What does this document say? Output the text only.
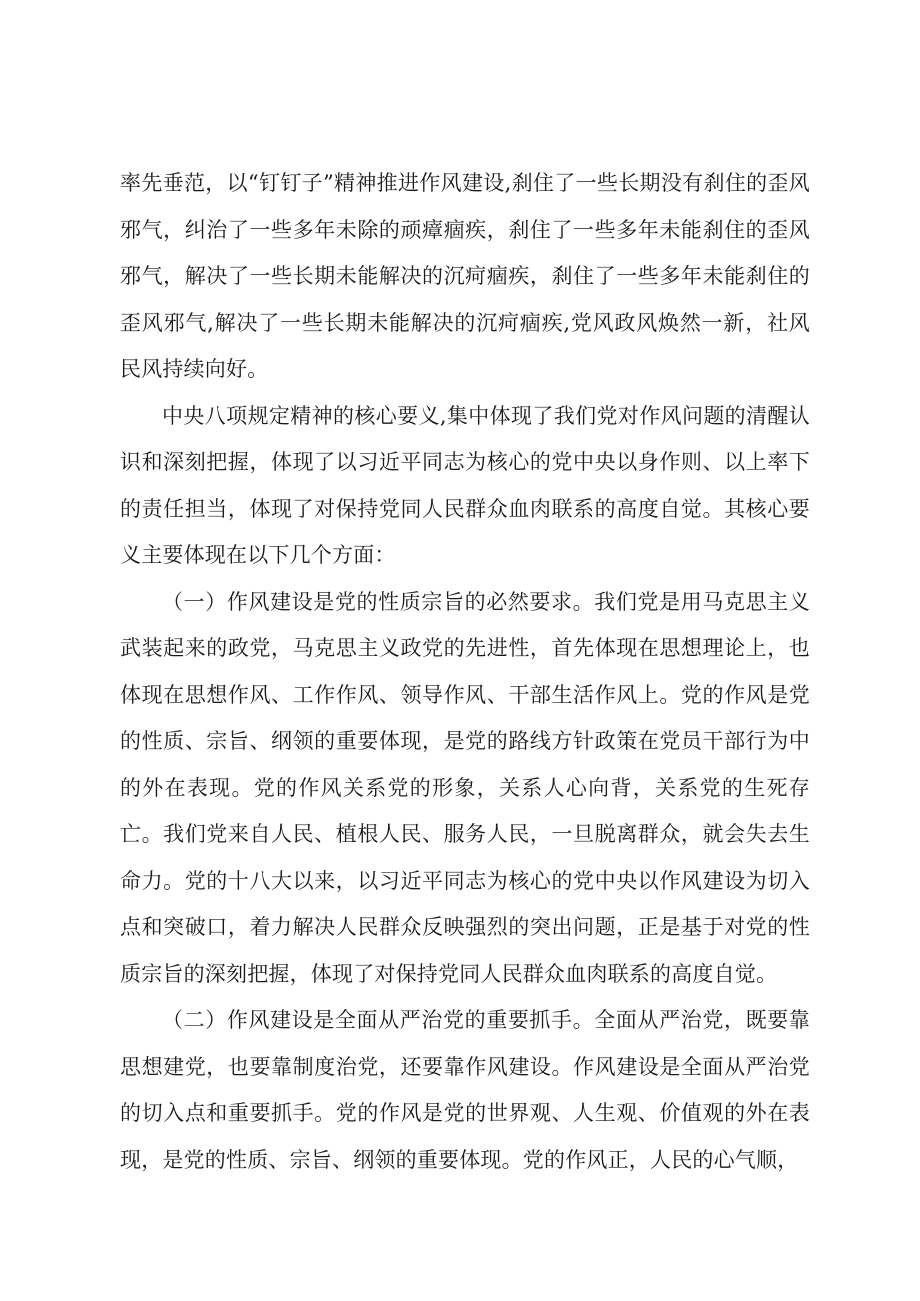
率先垂范，以“钉钉子”精神推进作风建设,刹住了一些长期没有刹住的歪风邪气，纠治了一些多年未除的顽瘴痼疾，刹住了一些多年未能刹住的歪风邪气，解决了一些长期未能解决的沉疴痼疾，刹住了一些多年未能刹住的歪风邪气,解决了一些长期未能解决的沉疴痼疾,党风政风焕然一新，社风民风持续向好。

中央八项规定精神的核心要义,集中体现了我们党对作风问题的清醒认识和深刻把握，体现了以习近平同志为核心的党中央以身作则、以上率下的责任担当，体现了对保持党同人民群众血肉联系的高度自觉。其核心要义主要体现在以下几个方面：

（一）作风建设是党的性质宗旨的必然要求。我们党是用马克思主义武装起来的政党，马克思主义政党的先进性，首先体现在思想理论上，也体现在思想作风、工作作风、领导作风、干部生活作风上。党的作风是党的性质、宗旨、纲领的重要体现，是党的路线方针政策在党员干部行为中的外在表现。党的作风关系党的形象，关系人心向背，关系党的生死存亡。我们党来自人民、植根人民、服务人民，一旦脱离群众，就会失去生命力。党的十八大以来，以习近平同志为核心的党中央以作风建设为切入点和突破口，着力解决人民群众反映强烈的突出问题，正是基于对党的性质宗旨的深刻把握，体现了对保持党同人民群众血肉联系的高度自觉。

（二）作风建设是全面从严治党的重要抓手。全面从严治党，既要靠思想建党，也要靠制度治党，还要靠作风建设。作风建设是全面从严治党的切入点和重要抓手。党的作风是党的世界观、人生观、价值观的外在表现，是党的性质、宗旨、纲领的重要体现。党的作风正，人民的心气顺，
